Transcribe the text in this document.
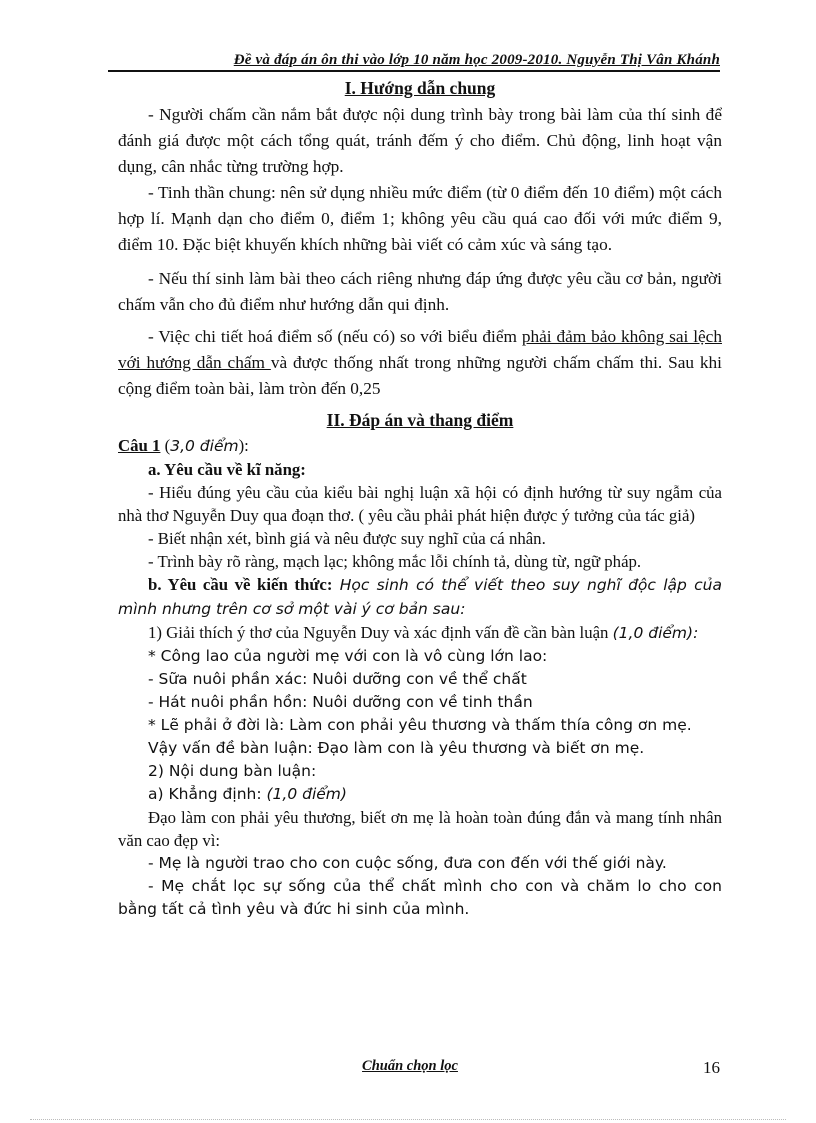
Đề và đáp án ôn thi vào lớp 10 năm học 2009-2010. Nguyễn Thị Vân Khánh
I. Hướng dẫn chung

- Người chấm cần nắm bắt được nội dung trình bày trong bài làm của thí sinh để đánh giá được một cách tổng quát, tránh đếm ý cho điểm. Chủ động, linh hoạt vận dụng, cân nhắc từng trường hợp.

- Tinh thần chung: nên sử dụng nhiều mức điểm (từ 0 điểm đến 10 điểm) một cách hợp lí. Mạnh dạn cho điểm 0, điểm 1; không yêu cầu quá cao đối với mức điểm 9, điểm 10. Đặc biệt khuyến khích những bài viết có cảm xúc và sáng tạo.

- Nếu thí sinh làm bài theo cách riêng nhưng đáp ứng được yêu cầu cơ bản, người chấm vẫn cho đủ điểm như hướng dẫn qui định.

- Việc chi tiết hoá điểm số (nếu có) so với biểu điểm phải đảm bảo không sai lệch với hướng dẫn chấm và được thống nhất trong những người chấm chấm thi. Sau khi cộng điểm toàn bài, làm tròn đến 0,25

II. Đáp án và thang điểm
Câu 1 (3,0 điểm):

a. Yêu cầu về kĩ năng:

- Hiểu đúng yêu cầu của kiểu bài nghị luận xã hội có định hướng từ suy ngẫm của nhà thơ Nguyễn Duy qua đoạn thơ. ( yêu cầu phải phát hiện được ý tưởng của tác giả)

- Biết nhận xét, bình giá và nêu được suy nghĩ của cá nhân.

- Trình bày rõ ràng, mạch lạc; không mắc lỗi chính tả, dùng từ, ngữ pháp.

b. Yêu cầu về kiến thức: Học sinh có thể viết theo suy nghĩ độc lập của mình nhưng trên cơ sở một vài ý cơ bản sau:

1) Giải thích ý thơ của Nguyễn Duy và xác định vấn đề cần bàn luận (1,0 điểm):

* Công lao của người mẹ với con là vô cùng lớn lao:

- Sữa nuôi phần xác: Nuôi dưỡng con về thể chất

- Hát nuôi phần hồn: Nuôi dưỡng con về tinh thần

* Lẽ phải ở đời là: Làm con phải yêu thương và thấm thía công ơn mẹ.

Vậy vấn đề bàn luận: Đạo làm con là yêu thương và biết ơn mẹ.

2) Nội dung bàn luận:

a) Khẳng định: (1,0 điểm)

Đạo làm con phải yêu thương, biết ơn mẹ là hoàn toàn đúng đắn và mang tính nhân văn cao đẹp vì:

- Mẹ là người trao cho con cuộc sống, đưa con đến với thế giới này.

- Mẹ chắt lọc sự sống của thể chất mình cho con và chăm lo cho con bằng tất cả tình yêu và đức hi sinh của mình.

Chuẩn chọn lọc	16
